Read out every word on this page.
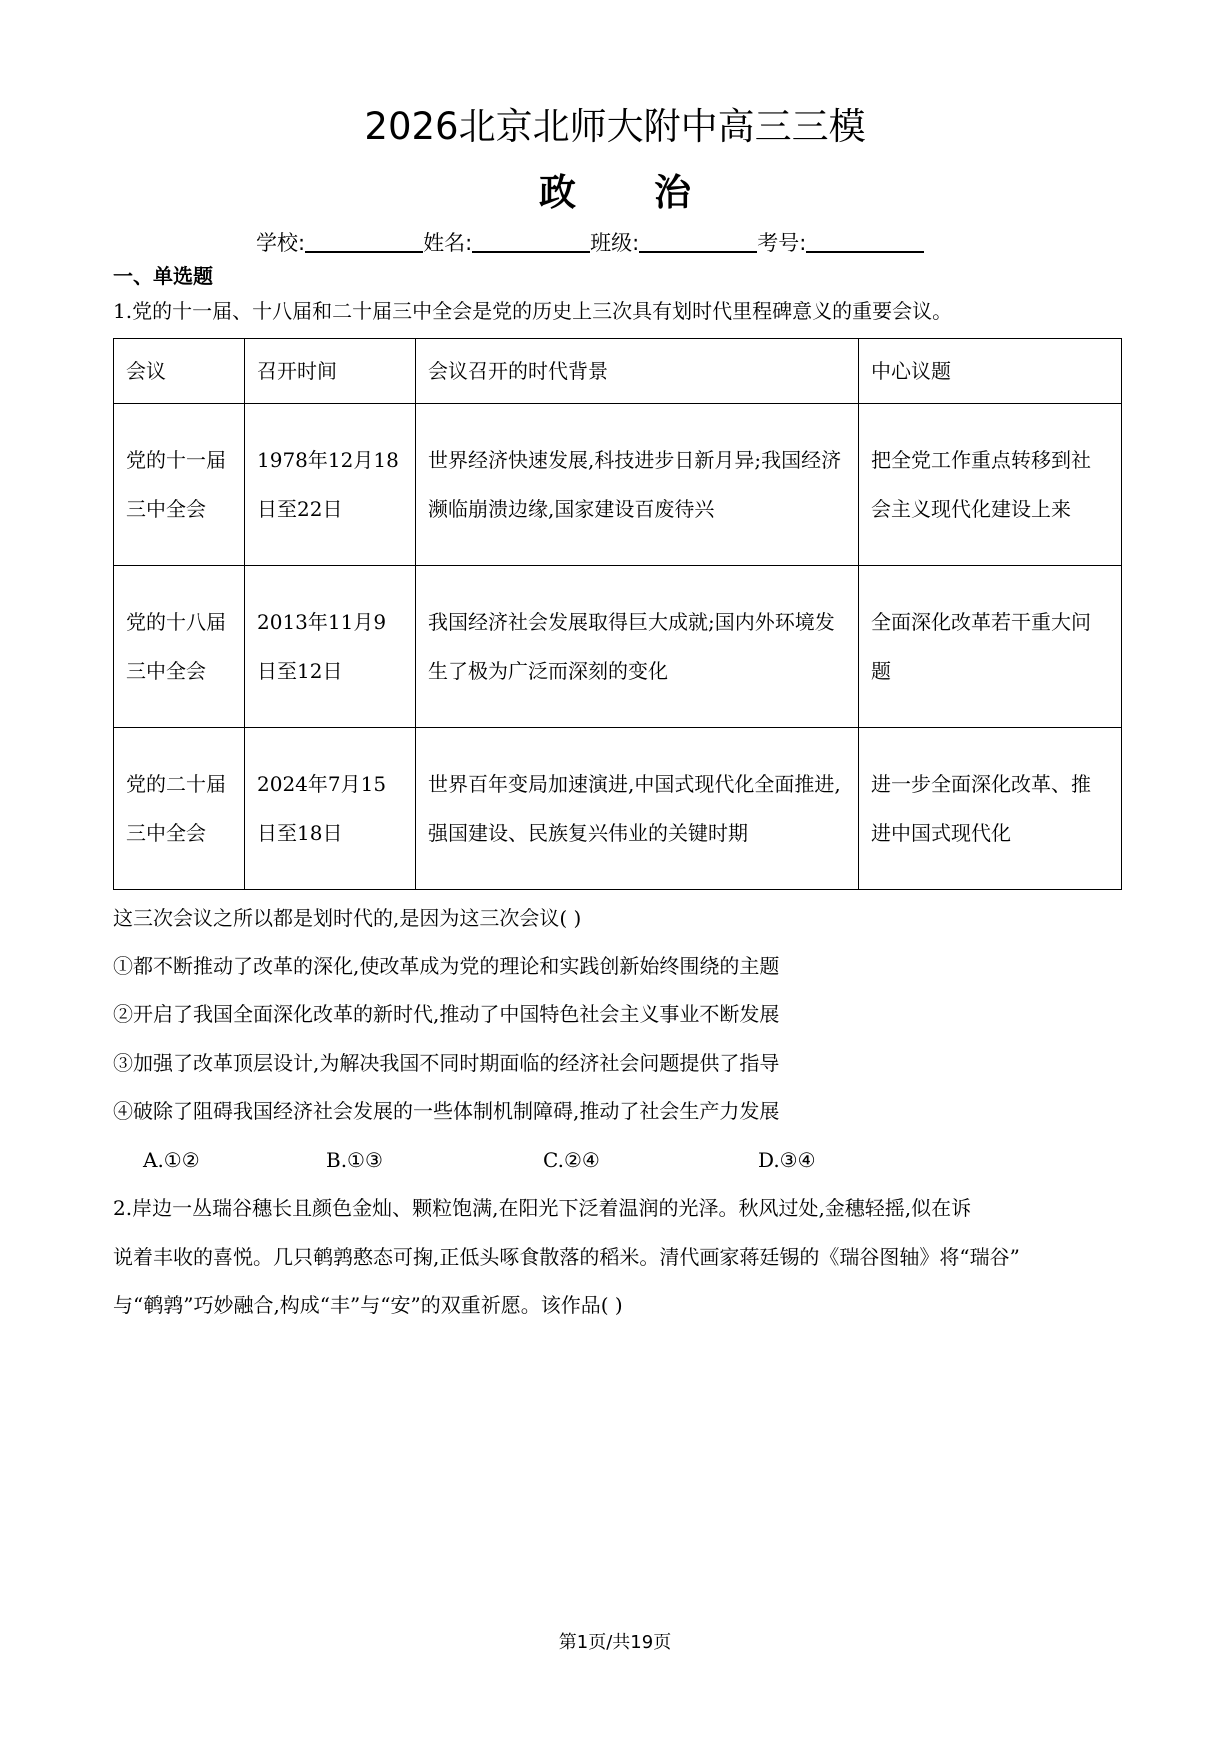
2026北京北师大附中高三三模
政 治
学校:	姓名:	班级:	考号:
一、单选题
1.党的十一届、十八届和二十届三中全会是党的历史上三次具有划时代里程碑意义的重要会议。
会议	召开时间	会议召开的时代背景	中心议题
党的十一届三中全会	1978年12月18日至22日	世界经济快速发展,科技进步日新月异;我国经济濒临崩溃边缘,国家建设百废待兴	把全党工作重点转移到社会主义现代化建设上来
党的十八届三中全会	2013年11月9日至12日	我国经济社会发展取得巨大成就;国内外环境发生了极为广泛而深刻的变化	全面深化改革若干重大问题
党的二十届三中全会	2024年7月15日至18日	世界百年变局加速演进,中国式现代化全面推进,强国建设、民族复兴伟业的关键时期	进一步全面深化改革、推进中国式现代化
这三次会议之所以都是划时代的,是因为这三次会议( )
①都不断推动了改革的深化,使改革成为党的理论和实践创新始终围绕的主题
②开启了我国全面深化改革的新时代,推动了中国特色社会主义事业不断发展
③加强了改革顶层设计,为解决我国不同时期面临的经济社会问题提供了指导
④破除了阻碍我国经济社会发展的一些体制机制障碍,推动了社会生产力发展
A.①②	B.①③	C.②④	D.③④
2.岸边一丛瑞谷穗长且颜色金灿、颗粒饱满,在阳光下泛着温润的光泽。秋风过处,金穗轻摇,似在诉
说着丰收的喜悦。几只鹌鹑憨态可掬,正低头啄食散落的稻米。清代画家蒋廷锡的《瑞谷图轴》将“瑞谷”
与“鹌鹑”巧妙融合,构成“丰”与“安”的双重祈愿。该作品( )
第1页/共19页
